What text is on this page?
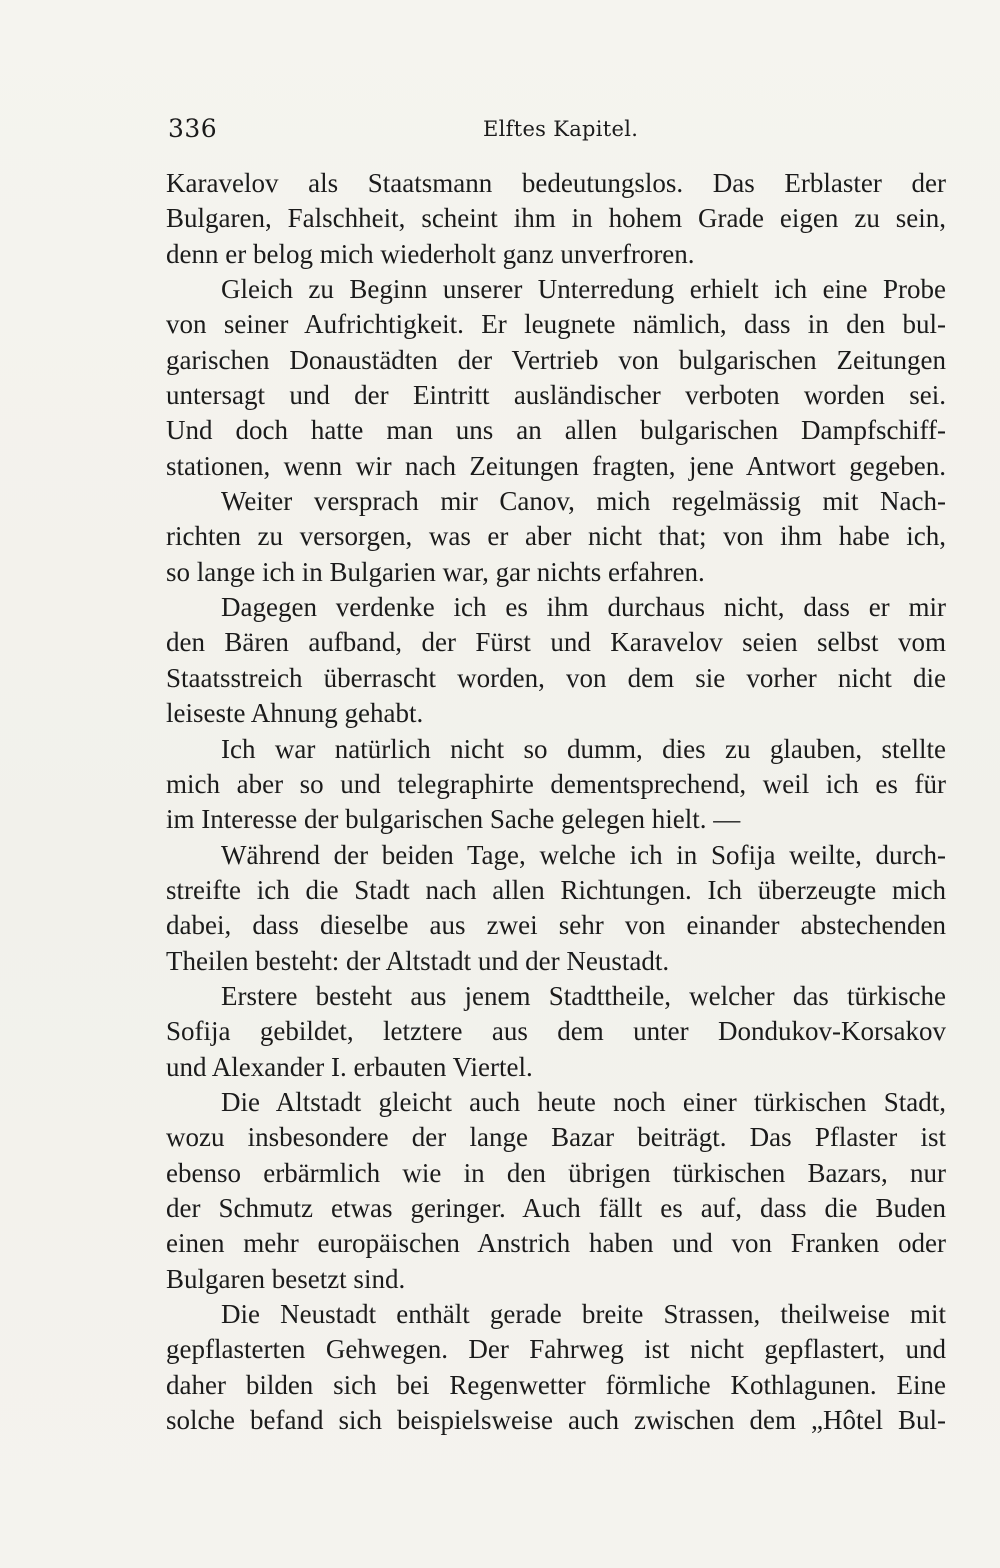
336	Elftes Kapitel.
Karavelov als Staatsmann bedeutungslos. Das Erblaster der
Bulgaren, Falschheit, scheint ihm in hohem Grade eigen zu sein,
denn er belog mich wiederholt ganz unverfroren.
Gleich zu Beginn unserer Unterredung erhielt ich eine Probe
von seiner Aufrichtigkeit. Er leugnete nämlich, dass in den bul-
garischen Donaustädten der Vertrieb von bulgarischen Zeitungen
untersagt und der Eintritt ausländischer verboten worden sei.
Und doch hatte man uns an allen bulgarischen Dampfschiff-
stationen, wenn wir nach Zeitungen fragten, jene Antwort gegeben.
Weiter versprach mir Canov, mich regelmässig mit Nach-
richten zu versorgen, was er aber nicht that; von ihm habe ich,
so lange ich in Bulgarien war, gar nichts erfahren.
Dagegen verdenke ich es ihm durchaus nicht, dass er mir
den Bären aufband, der Fürst und Karavelov seien selbst vom
Staatsstreich überrascht worden, von dem sie vorher nicht die
leiseste Ahnung gehabt.
Ich war natürlich nicht so dumm, dies zu glauben, stellte
mich aber so und telegraphirte dementsprechend, weil ich es für
im Interesse der bulgarischen Sache gelegen hielt. —
Während der beiden Tage, welche ich in Sofija weilte, durch-
streifte ich die Stadt nach allen Richtungen. Ich überzeugte mich
dabei, dass dieselbe aus zwei sehr von einander abstechenden
Theilen besteht: der Altstadt und der Neustadt.
Erstere besteht aus jenem Stadttheile, welcher das türkische
Sofija gebildet, letztere aus dem unter Dondukov-Korsakov
und Alexander I. erbauten Viertel.
Die Altstadt gleicht auch heute noch einer türkischen Stadt,
wozu insbesondere der lange Bazar beiträgt. Das Pflaster ist
ebenso erbärmlich wie in den übrigen türkischen Bazars, nur
der Schmutz etwas geringer. Auch fällt es auf, dass die Buden
einen mehr europäischen Anstrich haben und von Franken oder
Bulgaren besetzt sind.
Die Neustadt enthält gerade breite Strassen, theilweise mit
gepflasterten Gehwegen. Der Fahrweg ist nicht gepflastert, und
daher bilden sich bei Regenwetter förmliche Kothlagunen. Eine
solche befand sich beispielsweise auch zwischen dem „Hôtel Bul-
